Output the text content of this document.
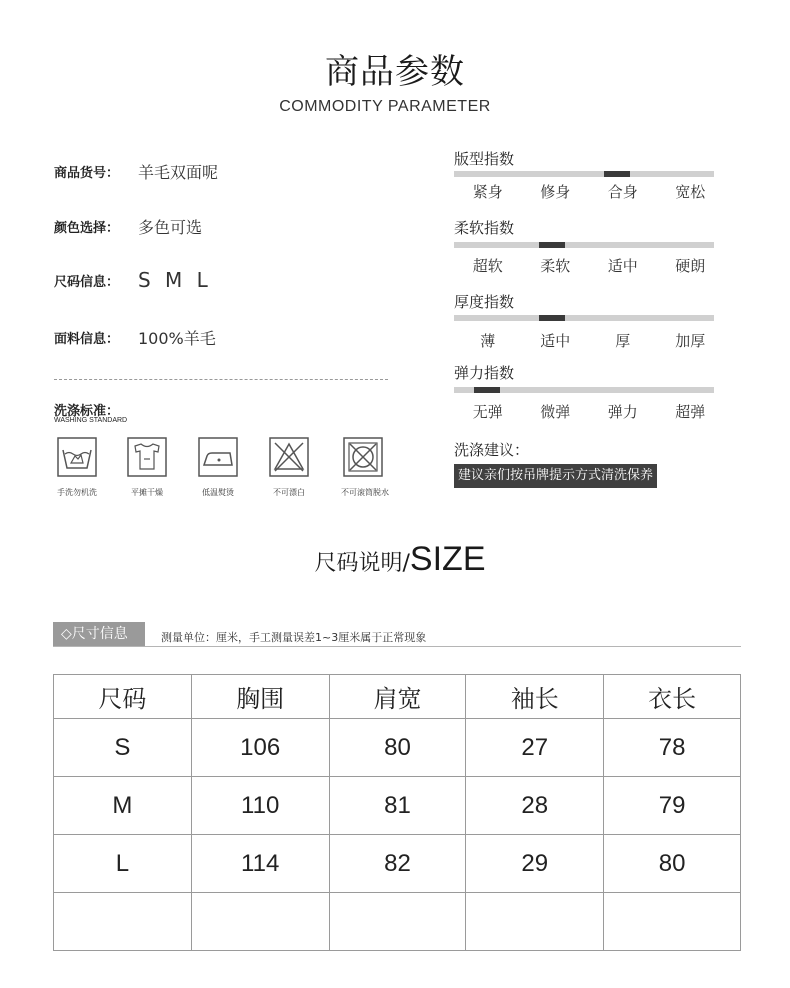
商品参数
COMMODITY PARAMETER
商品货号：	羊毛双面呢
颜色选择：	多色可选
尺码信息： S M L
面料信息：	100%羊毛
洗涤标准：
WASHING STANDARD
手洗勿机洗	平摊干燥	低温熨烫	不可漂白	不可滚筒脱水
版型指数
紧身	修身	合身	宽松
柔软指数
超软	柔软	适中	硬朗
厚度指数
薄	适中	厚	加厚
弹力指数
无弹	微弹	弹力	超弹
洗涤建议：
建议亲们按吊牌提示方式清洗保养
尺码说明/SIZE
◇尺寸信息	测量单位：厘米，手工测量误差1~3厘米属于正常现象
尺码	胸围	肩宽	袖长	衣长
S	106	80	27	78
M	110	81	28	79
L	114	82	29	80
